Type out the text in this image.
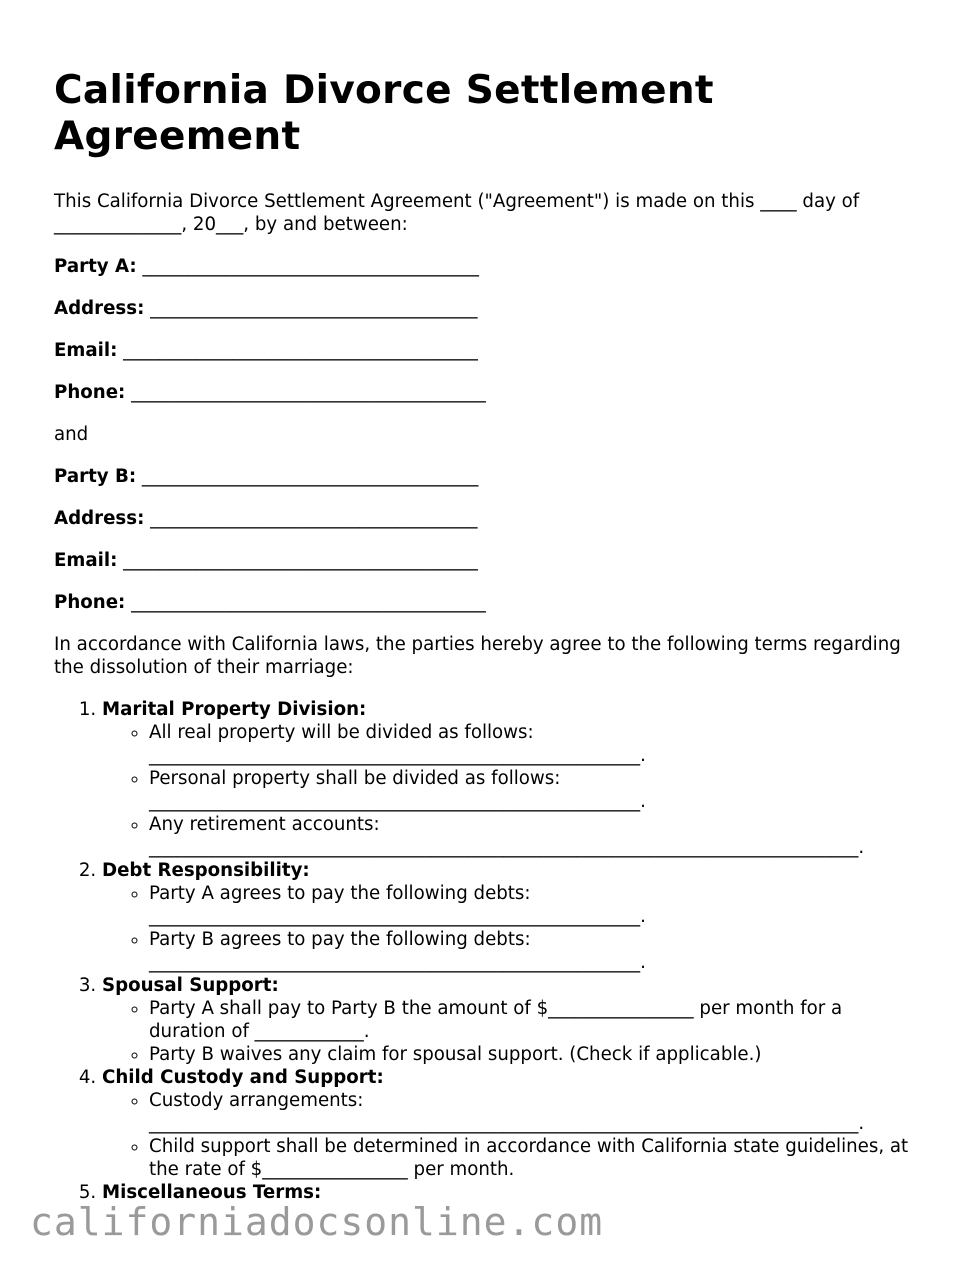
California Divorce Settlement Agreement

This California Divorce Settlement Agreement ("Agreement") is made on this ____ day of ______________, 20___, by and between:

Party A: _____________________________________

Address: ____________________________________

Email: _______________________________________

Phone: _______________________________________

and

Party B: _____________________________________

Address: ____________________________________

Email: _______________________________________

Phone: _______________________________________

In accordance with California laws, the parties hereby agree to the following terms regarding the dissolution of their marriage:

1. Marital Property Division:
◦ All real property will be divided as follows: ______________________________________________________.
◦ Personal property shall be divided as follows: ______________________________________________________.
◦ Any retirement accounts: ______________________________________________________________________________.
2. Debt Responsibility:
◦ Party A agrees to pay the following debts: ______________________________________________________.
◦ Party B agrees to pay the following debts: ______________________________________________________.
3. Spousal Support:
◦ Party A shall pay to Party B the amount of $________________ per month for a duration of ____________.
◦ Party B waives any claim for spousal support. (Check if applicable.)
4. Child Custody and Support:
◦ Custody arrangements: ______________________________________________________________________________.
◦ Child support shall be determined in accordance with California state guidelines, at the rate of $________________ per month.
5. Miscellaneous Terms:
californiadocsonline.com
